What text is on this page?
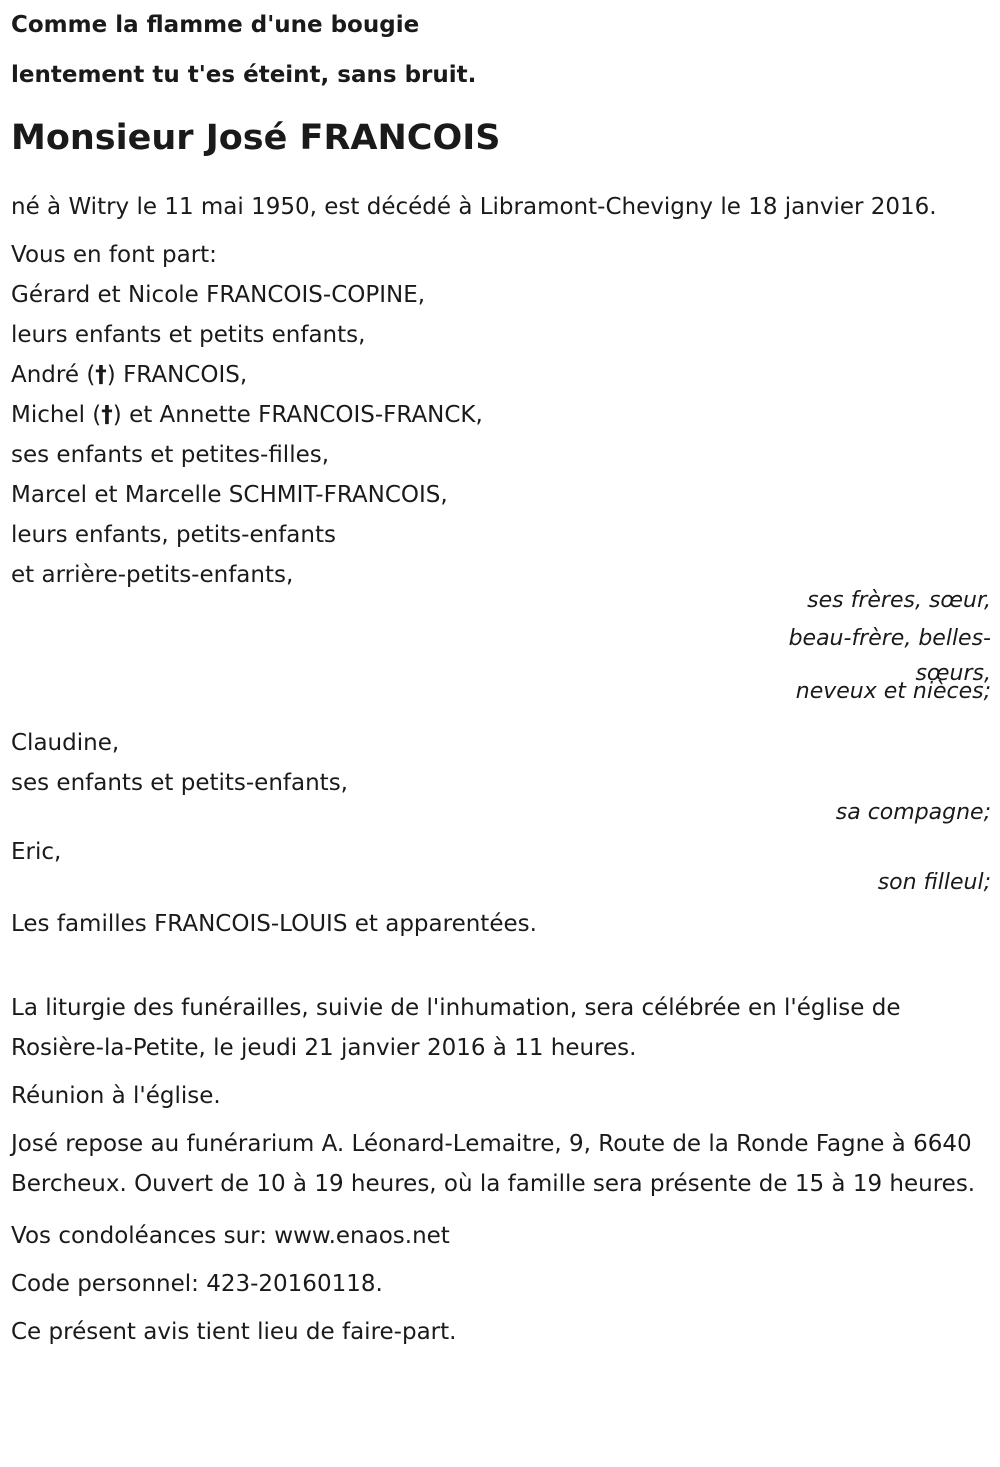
Comme la flamme d'une bougie

lentement tu t'es éteint, sans bruit.

Monsieur José FRANCOIS

né à Witry le 11 mai 1950, est décédé à Libramont-Chevigny le 18 janvier 2016.

Vous en font part:

Gérard et Nicole FRANCOIS-COPINE,
leurs enfants et petits enfants,
André (†) FRANCOIS,
Michel (†) et Annette FRANCOIS-FRANCK,
ses enfants et petites-filles,
Marcel et Marcelle SCHMIT-FRANCOIS,
leurs enfants, petits-enfants
et arrière-petits-enfants,
ses frères, sœur,
beau-frère, belles-
sœurs,
neveux et nièces;
Claudine,
ses enfants et petits-enfants,
sa compagne;
Eric,
son filleul;
Les familles FRANCOIS-LOUIS et apparentées.

La liturgie des funérailles, suivie de l'inhumation, sera célébrée en l'église de Rosière-la-Petite, le jeudi 21 janvier 2016 à 11 heures.

Réunion à l'église.

José repose au funérarium A. Léonard-Lemaitre, 9, Route de la Ronde Fagne à 6640 Bercheux. Ouvert de 10 à 19 heures, où la famille sera présente de 15 à 19 heures.

Vos condoléances sur: www.enaos.net

Code personnel: 423-20160118.

Ce présent avis tient lieu de faire-part.
